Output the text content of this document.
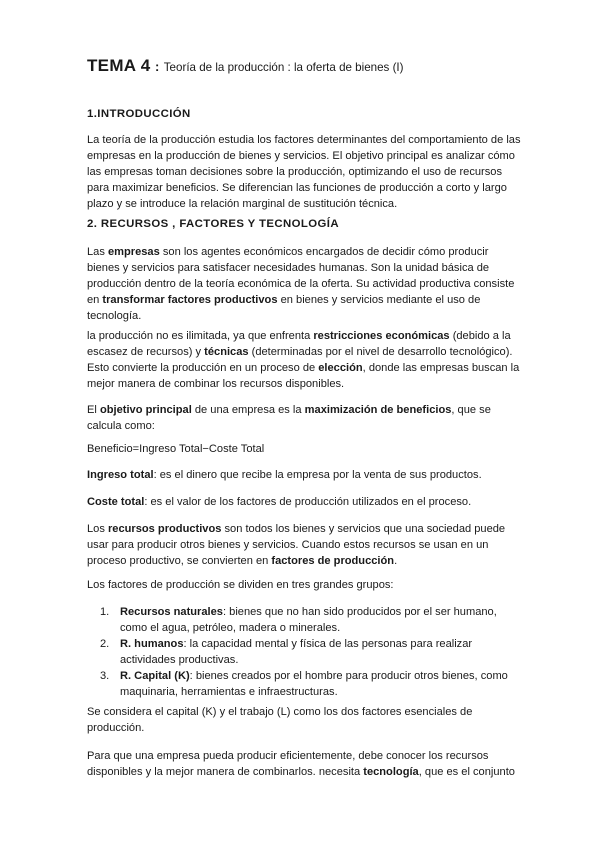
TEMA 4 : Teoría de la producción : la oferta de bienes (I)
1.INTRODUCCIÓN

La teoría de la producción estudia los factores determinantes del comportamiento de las empresas en la producción de bienes y servicios. El objetivo principal es analizar cómo las empresas toman decisiones sobre la producción, optimizando el uso de recursos para maximizar beneficios. Se diferencian las funciones de producción a corto y largo plazo y se introduce la relación marginal de sustitución técnica.

2. RECURSOS , FACTORES Y TECNOLOGÍA

Las empresas son los agentes económicos encargados de decidir cómo producir bienes y servicios para satisfacer necesidades humanas. Son la unidad básica de producción dentro de la teoría económica de la oferta. Su actividad productiva consiste en transformar factores productivos en bienes y servicios mediante el uso de tecnología.

la producción no es ilimitada, ya que enfrenta restricciones económicas (debido a la escasez de recursos) y técnicas (determinadas por el nivel de desarrollo tecnológico). Esto convierte la producción en un proceso de elección, donde las empresas buscan la mejor manera de combinar los recursos disponibles.

El objetivo principal de una empresa es la maximización de beneficios, que se calcula como:

Beneficio=Ingreso Total−Coste Total

Ingreso total: es el dinero que recibe la empresa por la venta de sus productos.

Coste total: es el valor de los factores de producción utilizados en el proceso.

Los recursos productivos son todos los bienes y servicios que una sociedad puede usar para producir otros bienes y servicios. Cuando estos recursos se usan en un proceso productivo, se convierten en factores de producción.

Los factores de producción se dividen en tres grandes grupos:

1. Recursos naturales: bienes que no han sido producidos por el ser humano, como el agua, petróleo, madera o minerales.
2. R. humanos: la capacidad mental y física de las personas para realizar actividades productivas.
3. R. Capital (K): bienes creados por el hombre para producir otros bienes, como maquinaria, herramientas e infraestructuras.

Se considera el capital (K) y el trabajo (L) como los dos factores esenciales de producción.

Para que una empresa pueda producir eficientemente, debe conocer los recursos disponibles y la mejor manera de combinarlos. necesita tecnología, que es el conjunto
